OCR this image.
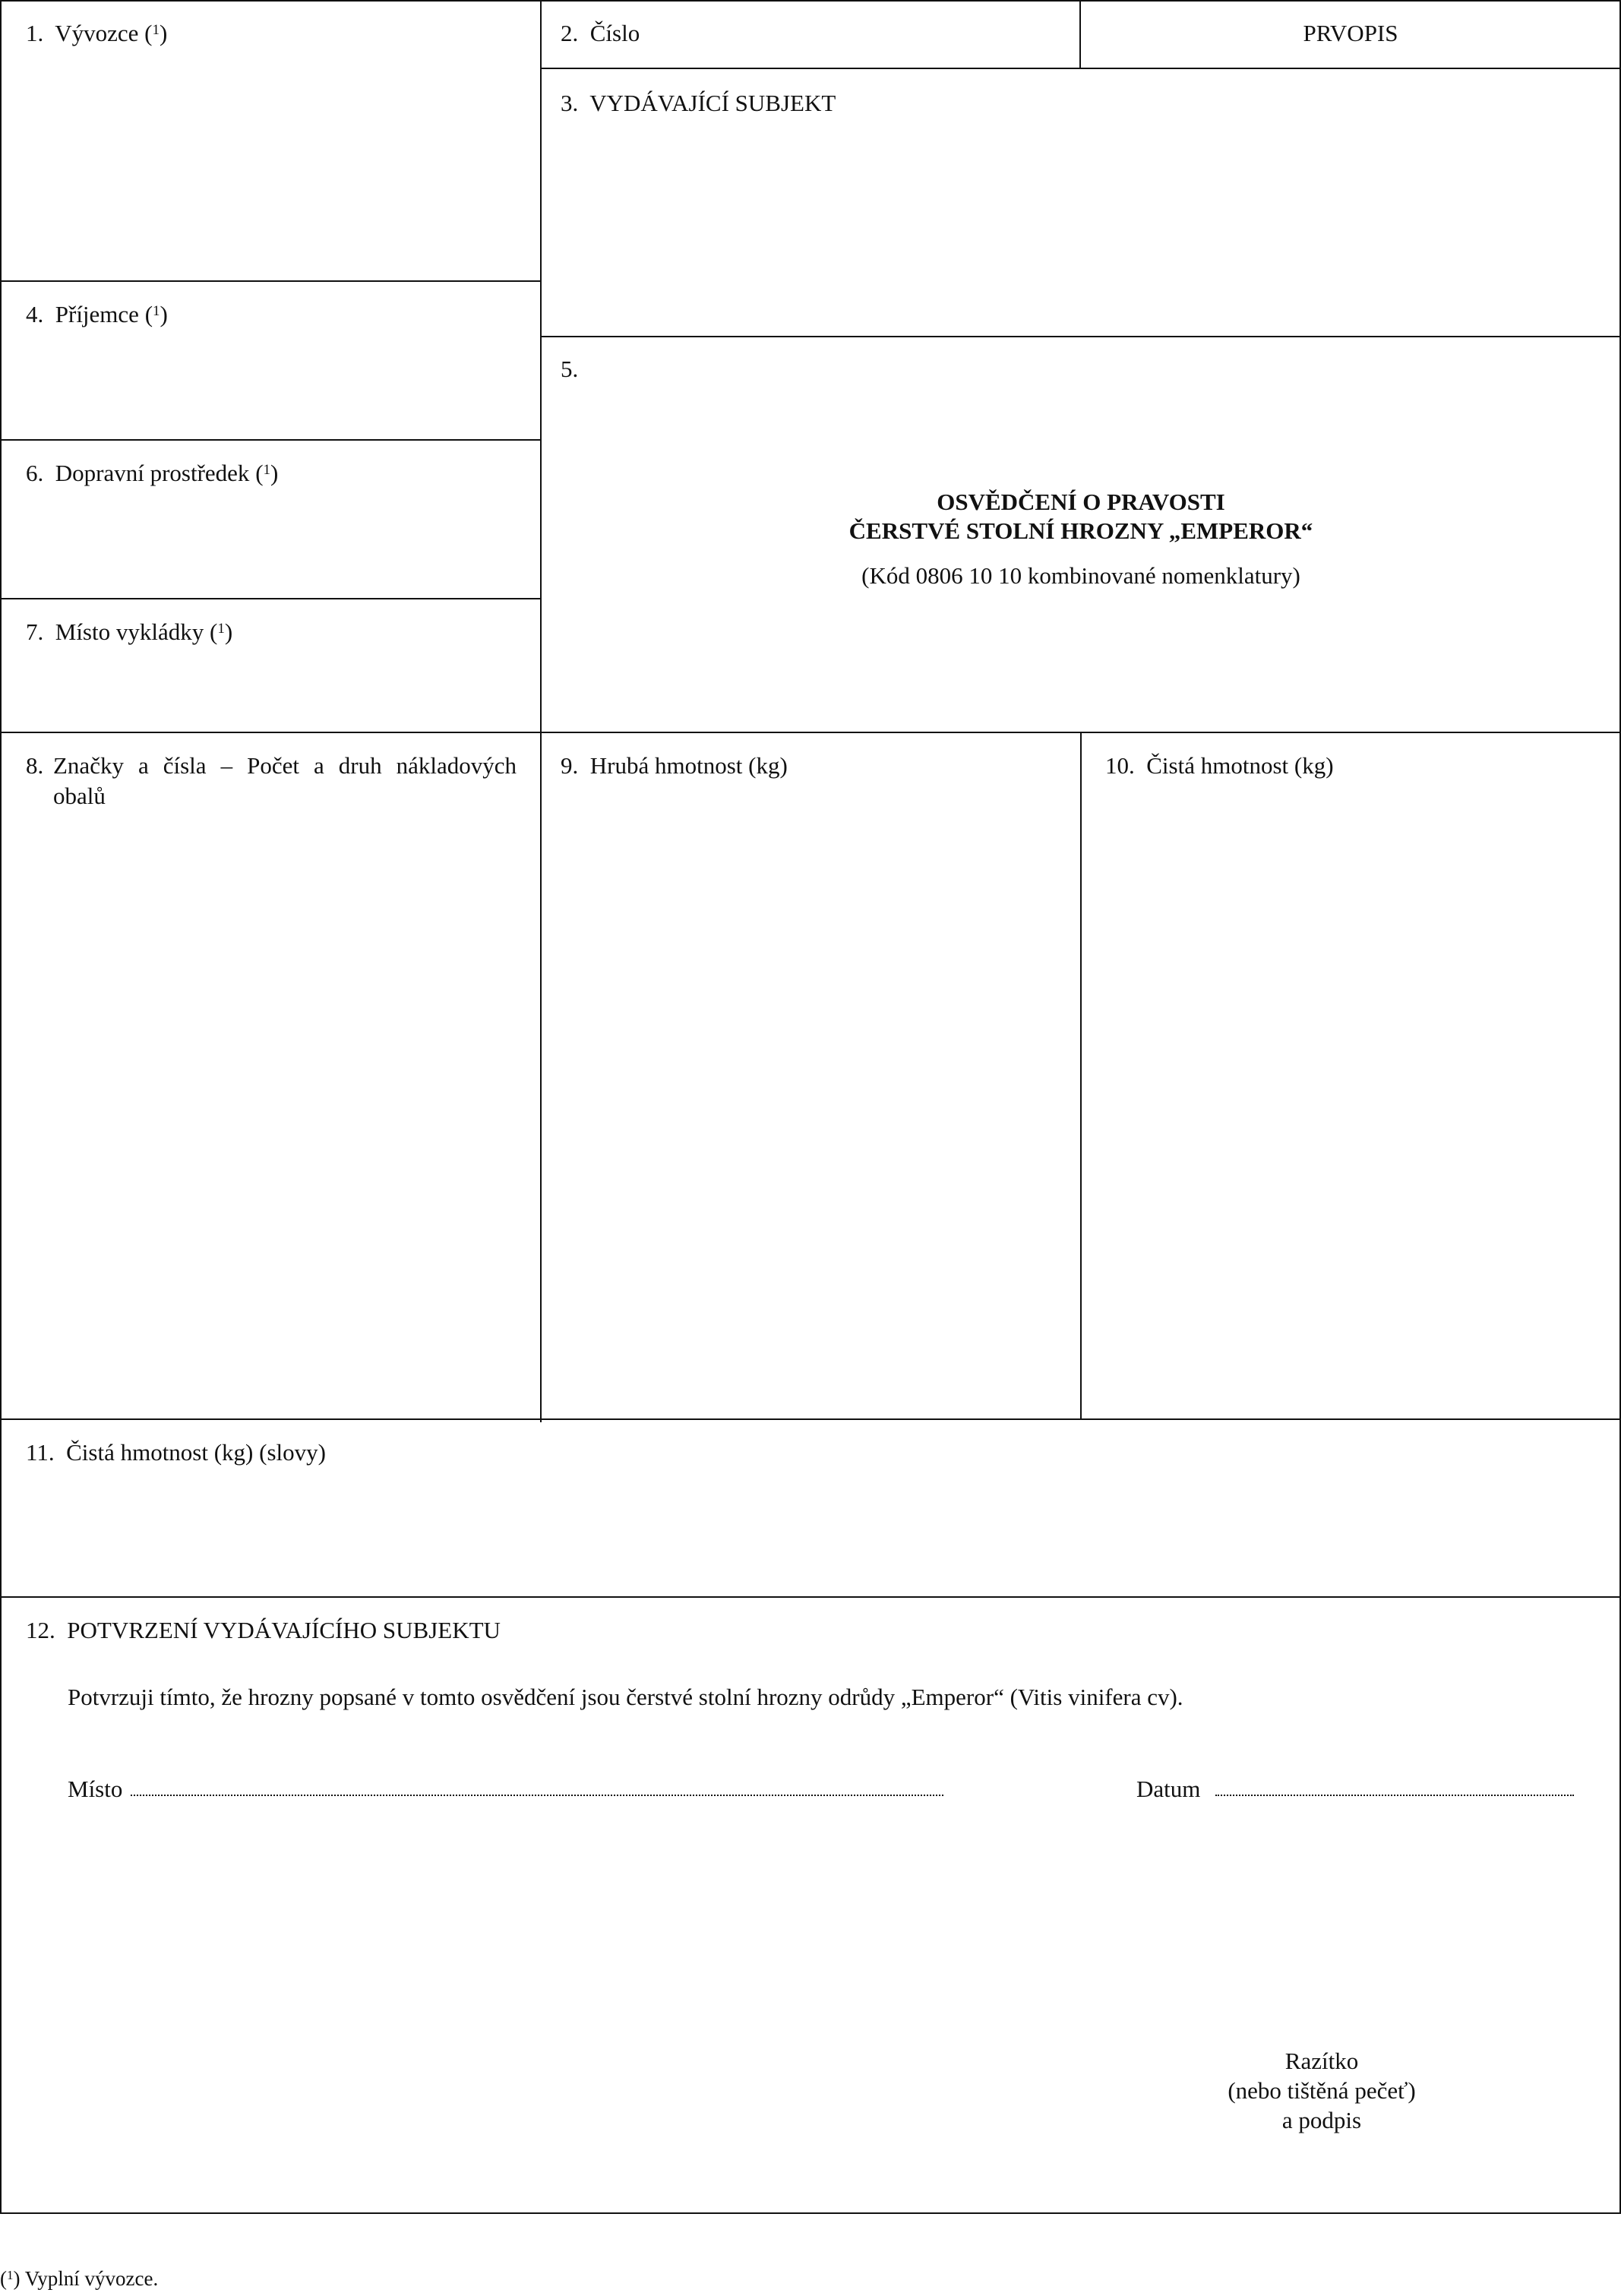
1. Vývozce ($^1$)	2. Číslo	PRVOPIS
3. VYDÁVAJÍCÍ SUBJEKT
4. Příjemce ($^1$)
5.
OSVĚDČENÍ O PRAVOSTI
ČERSTVÉ STOLNÍ HROZNY „EMPEROR“
(Kód 0806 10 10 kombinované nomenklatury)
6. Dopravní prostředek ($^1$)
7. Místo vykládky ($^1$)
8. Značky a čísla – Počet a druh nákladových obalů
9. Hrubá hmotnost (kg)	10. Čistá hmotnost (kg)
11. Čistá hmotnost (kg) (slovy)
12. POTVRZENÍ VYDÁVAJÍCÍHO SUBJEKTU
Potvrzuji tímto, že hrozny popsané v tomto osvědčení jsou čerstvé stolní hrozny odrůdy „Emperor“ (Vitis vinifera cv).
Místo	Datum
Razítko
(nebo tištěná pečeť)
a podpis
($^1$) Vyplní vývozce.
